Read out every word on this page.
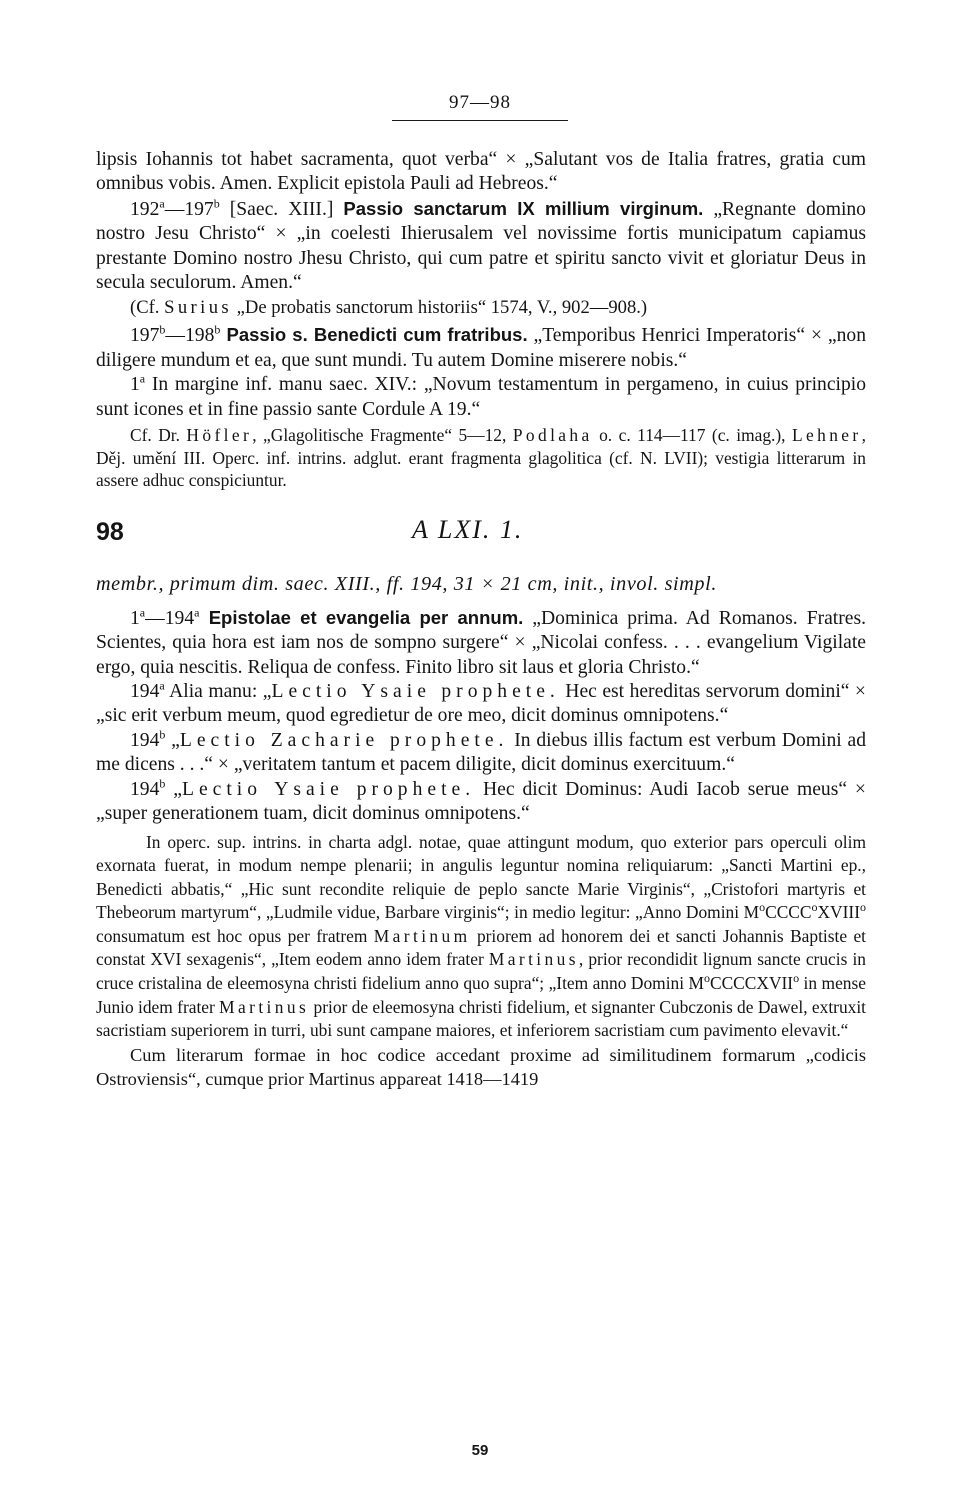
97—98

lipsis Iohannis tot habet sacramenta, quot verba“ × „Salutant vos de Italia fratres, gratia cum omnibus vobis. Amen. Explicit epistola Pauli ad Hebreos.“

192$^a$—197$^b$ [Saec. XIII.] Passio sanctarum IX millium virginum. „Regnante domino nostro Jesu Christo“ × „in coelesti Ihierusalem vel novissime fortis municipatum capiamus prestante Domino nostro Jhesu Christo, qui cum patre et spiritu sancto vivit et gloriatur Deus in secula seculorum. Amen.“

(Cf. Surius „De probatis sanctorum historiis“ 1574, V., 902—908.)

197$^b$—198$^b$ Passio s. Benedicti cum fratribus. „Temporibus Henrici Imperatoris“ × „non diligere mundum et ea, que sunt mundi. Tu autem Domine miserere nobis.“

1$^a$ In margine inf. manu saec. XIV.: „Novum testamentum in pergameno, in cuius principio sunt icones et in fine passio sante Cordule A 19.“

Cf. Dr. Höfler, „Glagolitische Fragmente“ 5—12, Podlaha o. c. 114—117 (c. imag.), Lehner, Děj. umění III. Operc. inf. intrins. adglut. erant fragmenta glagolitica (cf. N. LVII); vestigia litterarum in assere adhuc conspiciuntur.

98	A LXI. 1.

membr., primum dim. saec. XIII., ff. 194, 31 × 21 cm, init., invol. simpl.

1$^a$—194$^a$ Epistolae et evangelia per annum. „Dominica prima. Ad Romanos. Fratres. Scientes, quia hora est iam nos de sompno surgere“ × „Nicolai confess. . . . evangelium Vigilate ergo, quia nescitis. Reliqua de confess. Finito libro sit laus et gloria Christo.“

194$^a$ Alia manu: „Lectio Ysaie prophete. Hec est hereditas servorum domini“ × „sic erit verbum meum, quod egredietur de ore meo, dicit dominus omnipotens.“

194$^b$ „Lectio Zacharie prophete. In diebus illis factum est verbum Domini ad me dicens . . .“ × „veritatem tantum et pacem diligite, dicit dominus exercituum.“

194$^b$ „Lectio Ysaie prophete. Hec dicit Dominus: Audi Iacob serue meus“ × „super generationem tuam, dicit dominus omnipotens.“

In operc. sup. intrins. in charta adgl. notae, quae attingunt modum, quo exterior pars operculi olim exornata fuerat, in modum nempe plenarii; in angulis leguntur nomina reliquiarum: „Sancti Martini ep., Benedicti abbatis,“ „Hic sunt recondite reliquie de peplo sancte Marie Virginis“, „Cristofori martyris et Thebeorum martyrum“, „Ludmile vidue, Barbare virginis“; in medio legitur: „Anno Domini $M^oCCCC^oXVIII^o$ consumatum est hoc opus per fratrem Martinum priorem ad honorem dei et sancti Johannis Baptiste et constat XVI sexagenis“, „Item eodem anno idem frater Martinus, prior recondidit lignum sancte crucis in cruce cristalina de eleemosyna christi fidelium anno quo supra“; „Item anno Domini $M^oCCCCXVII^o$ in mense Junio idem frater Martinus prior de eleemosyna christi fidelium, et signanter Cubczonis de Dawel, extruxit sacristiam superiorem in turri, ubi sunt campane maiores, et inferiorem sacristiam cum pavimento elevavit.“

Cum literarum formae in hoc codice accedant proxime ad similitudinem formarum „codicis Ostroviensis“, cumque prior Martinus appareat 1418—1419

59
